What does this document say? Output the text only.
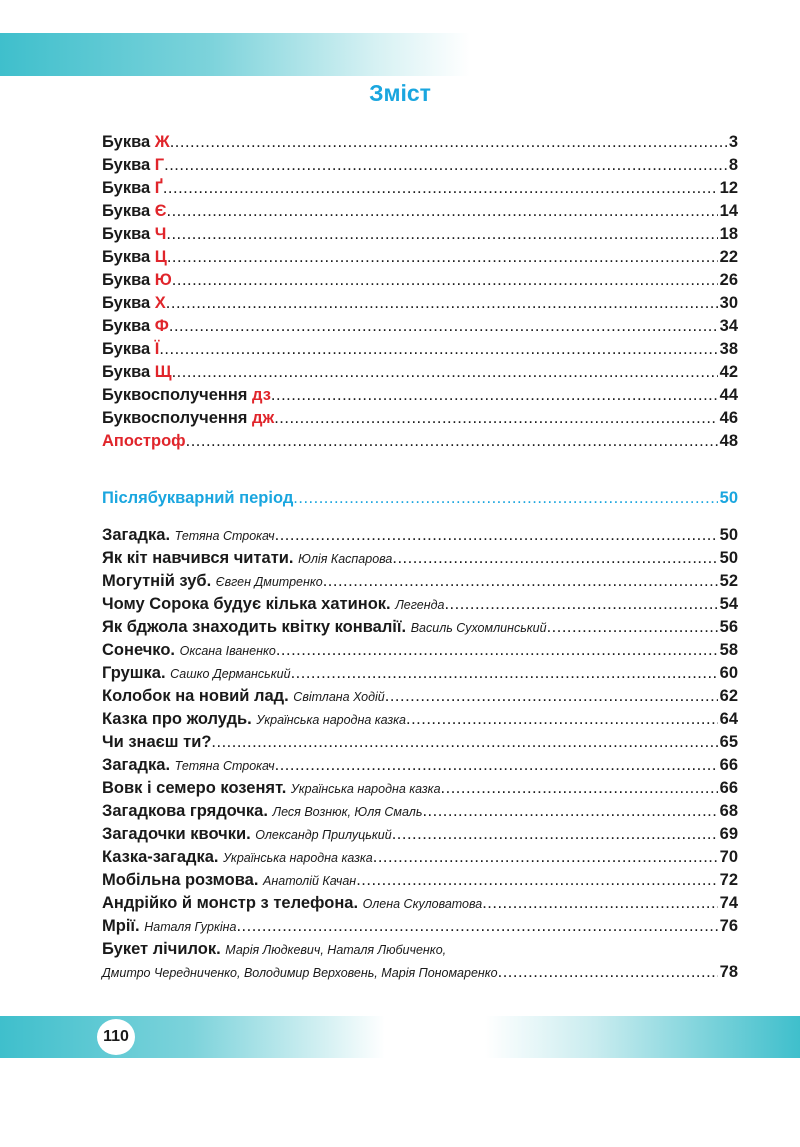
Зміст
Буква Ж .....	3
Буква Г .....	8
Буква Ґ .....	12
Буква Є .....	14
Буква Ч .....	18
Буква Ц .....	22
Буква Ю .....	26
Буква Х .....	30
Буква Ф .....	34
Буква Ї .....	38
Буква Щ .....	42
Буквосполучення дз .....	44
Буквосполучення дж .....	46
Апостроф .....	48
Післябукварний період .....	50
Загадка. Тетяна Строкач .....	50
Як кіт навчився читати. Юлія Каспарова .....	50
Могутній зуб. Євген Дмитренко .....	52
Чому Сорока будує кілька хатинок. Легенда .....	54
Як бджола знаходить квітку конвалії. Василь Сухомлинський .....	56
Сонечко. Оксана Іваненко .....	58
Грушка. Сашко Дерманський .....	60
Колобок на новий лад. Світлана Ходій .....	62
Казка про жолудь. Українська народна казка .....	64
Чи знаєш ти? .....	65
Загадка. Тетяна Строкач .....	66
Вовк і семеро козенят. Українська народна казка .....	66
Загадкова грядочка. Леся Вознюк, Юля Смаль .....	68
Загадочки квочки. Олександр Прилуцький .....	69
Казка-загадка. Українська народна казка .....	70
Мобільна розмова. Анатолій Качан .....	72
Андрійко й монстр з телефона. Олена Скуловатова .....	74
Мрії. Наталя Гуркіна .....	76
Букет лічилок. Марія Людкевич, Наталя Любиченко,
Дмитро Чередниченко, Володимир Верховень, Марія Пономаренко .....	78
110
